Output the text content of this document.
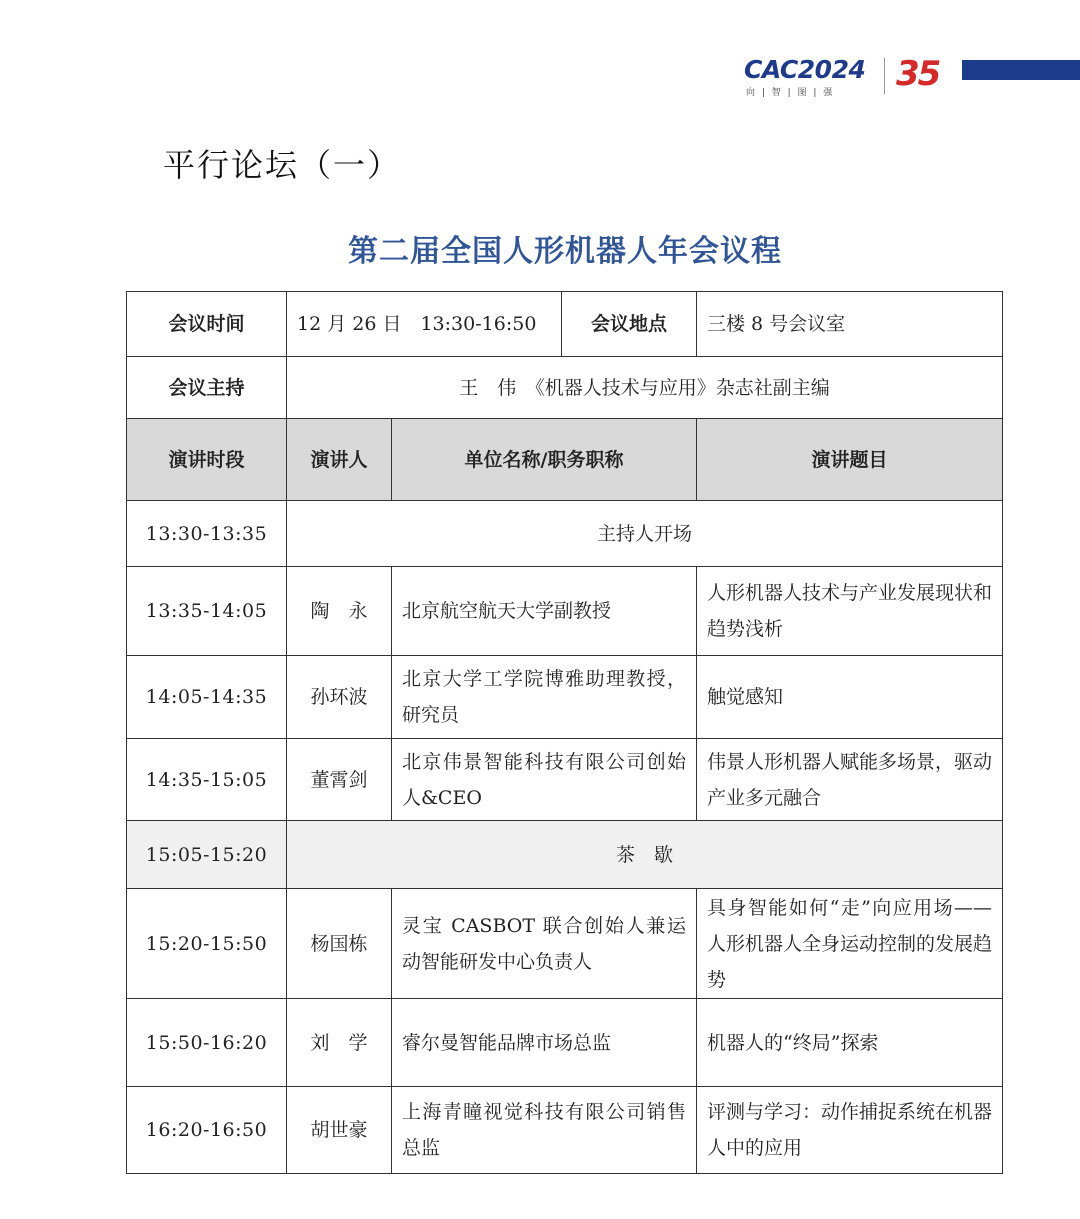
CAC2024
向 | 智 | 图 | 强 35
平行论坛（一）
第二届全国人形机器人年会议程
会议时间	12 月 26 日　13:30-16:50 会议地点		三楼 8 号会议室
会议主持	王　伟　《机器人技术与应用》杂志社副主编		
演讲时段	演讲人	单位名称/职务职称	演讲题目
13:30-13:35	主持人开场		
13:35-14:05	陶　永	北京航空航天大学副教授	人形机器人技术与产业发展现状和趋势浅析
14:05-14:35	孙环波	北京大学工学院博雅助理教授，研究员	触觉感知
14:35-15:05	董霄剑	北京伟景智能科技有限公司创始人&CEO	伟景人形机器人赋能多场景，驱动产业多元融合
15:05-15:20	茶　歇		
15:20-15:50	杨国栋	灵宝 CASBOT 联合创始人兼运动智能研发中心负责人	具身智能如何“走”向应用场——人形机器人全身运动控制的发展趋势
15:50-16:20	刘　学	睿尔曼智能品牌市场总监	机器人的“终局”探索
16:20-16:50	胡世豪	上海青瞳视觉科技有限公司销售总监	评测与学习：动作捕捉系统在机器人中的应用
